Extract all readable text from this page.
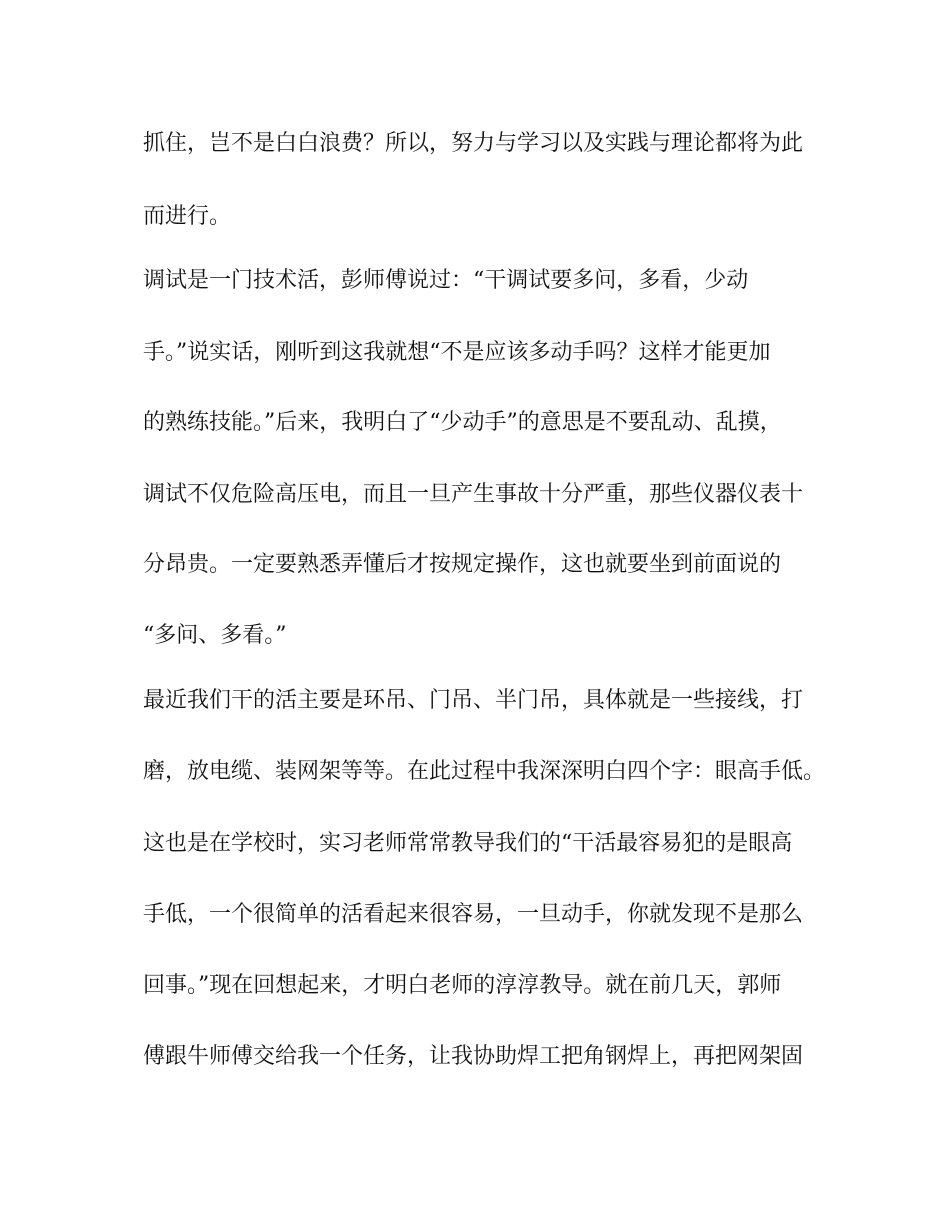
抓住，岂不是白白浪费？所以，努力与学习以及实践与理论都将为此
而进行。
调试是一门技术活，彭师傅说过：“干调试要多问，多看，少动
手。”说实话，刚听到这我就想“不是应该多动手吗？这样才能更加
的熟练技能。”后来，我明白了“少动手”的意思是不要乱动、乱摸，
调试不仅危险高压电，而且一旦产生事故十分严重，那些仪器仪表十
分昂贵。一定要熟悉弄懂后才按规定操作，这也就要坐到前面说的
“多问、多看。”
最近我们干的活主要是环吊、门吊、半门吊，具体就是一些接线，打
磨，放电缆、装网架等等。在此过程中我深深明白四个字：眼高手低。
这也是在学校时，实习老师常常教导我们的“干活最容易犯的是眼高
手低，一个很简单的活看起来很容易，一旦动手，你就发现不是那么
回事。”现在回想起来，才明白老师的淳淳教导。就在前几天，郭师
傅跟牛师傅交给我一个任务，让我协助焊工把角钢焊上，再把网架固
